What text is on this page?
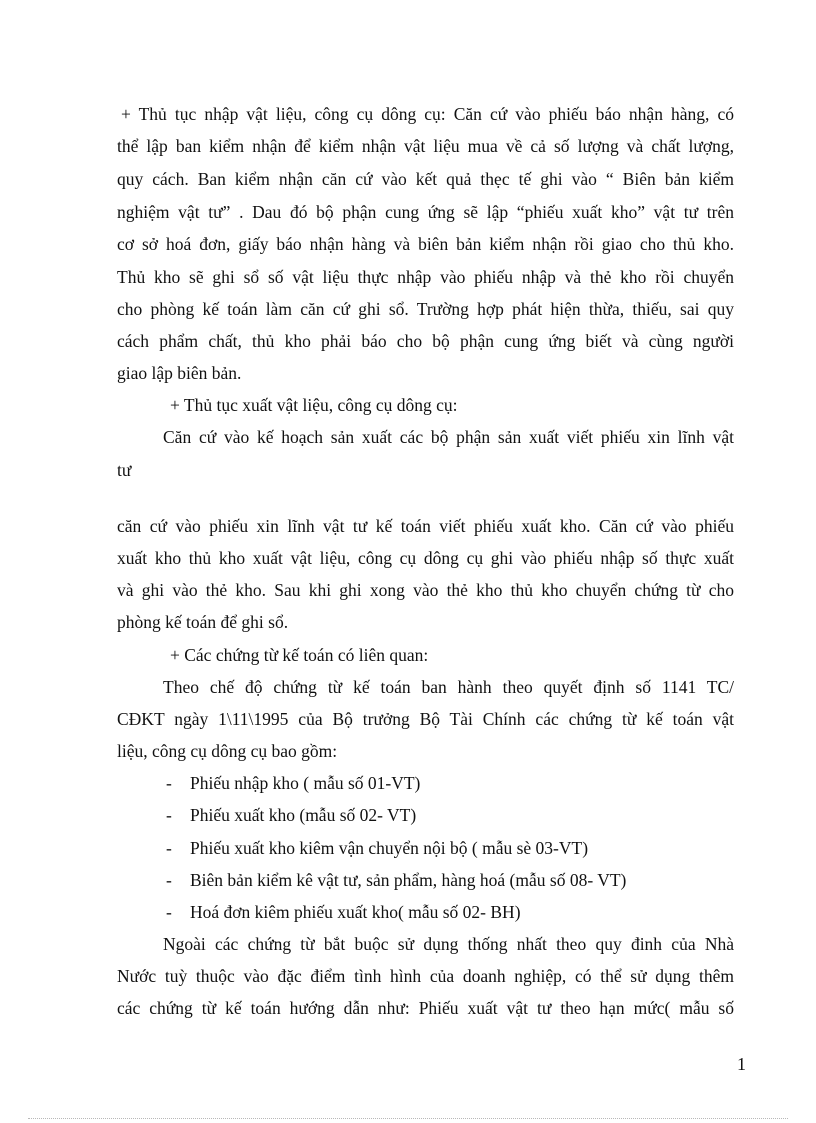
+ Thủ tục nhập vật liệu, công cụ dông cụ: Căn cứ vào phiếu báo nhận hàng, có
thể lập ban kiểm nhận để kiểm nhận vật liệu mua về cả số lượng và chất lượng,
quy cách. Ban kiểm nhận căn cứ vào kết quả thẹc tế ghi vào “ Biên bản kiểm
nghiệm vật tư” . Dau đó bộ phận cung ứng sẽ lập “phiếu xuất kho” vật tư trên
cơ sở hoá đơn, giấy báo nhận hàng và biên bản kiểm nhận rồi giao cho thủ kho.
Thủ kho sẽ ghi sổ số vật liệu thực nhập vào phiếu nhập và thẻ kho rồi chuyển
cho phòng kế toán làm căn cứ ghi sổ. Trường hợp phát hiện thừa, thiếu, sai quy
cách phẩm chất, thủ kho phải báo cho bộ phận cung ứng biết và cùng người
giao lập biên bản.
+ Thủ tục xuất vật liệu, công cụ dông cụ:
Căn cứ vào kế hoạch sản xuất các bộ phận sản xuất viết phiếu xin lĩnh vật
tư
căn cứ vào phiếu xin lĩnh vật tư kế toán viết phiếu xuất kho. Căn cứ vào phiếu
xuất kho thủ kho xuất vật liệu, công cụ dông cụ ghi vào phiếu nhập số thực xuất
và ghi vào thẻ kho. Sau khi ghi xong vào thẻ kho thủ kho chuyển chứng từ cho
phòng kế toán để ghi sổ.
+ Các chứng từ kế toán có liên quan:
Theo chế độ chứng từ kế toán ban hành theo quyết định số 1141 TC/
CĐKT ngày 1\11\1995 của Bộ trưởng Bộ Tài Chính các chứng từ kế toán vật
liệu, công cụ dông cụ bao gồm:
- Phiếu nhập kho ( mẫu số 01-VT)
- Phiếu xuất kho (mẫu số 02- VT)
- Phiếu xuất kho kiêm vận chuyển nội bộ ( mẫu sè 03-VT)
- Biên bản kiểm kê vật tư, sản phẩm, hàng hoá (mẫu số 08- VT)
- Hoá đơn kiêm phiếu xuất kho( mẫu số 02- BH)
Ngoài các chứng từ bắt buộc sử dụng thống nhất theo quy đinh của Nhà
Nước tuỳ thuộc vào đặc điểm tình hình của doanh nghiệp, có thể sử dụng thêm
các chứng từ kế toán hướng dẫn như: Phiếu xuất vật tư theo hạn mức( mẫu số
1
